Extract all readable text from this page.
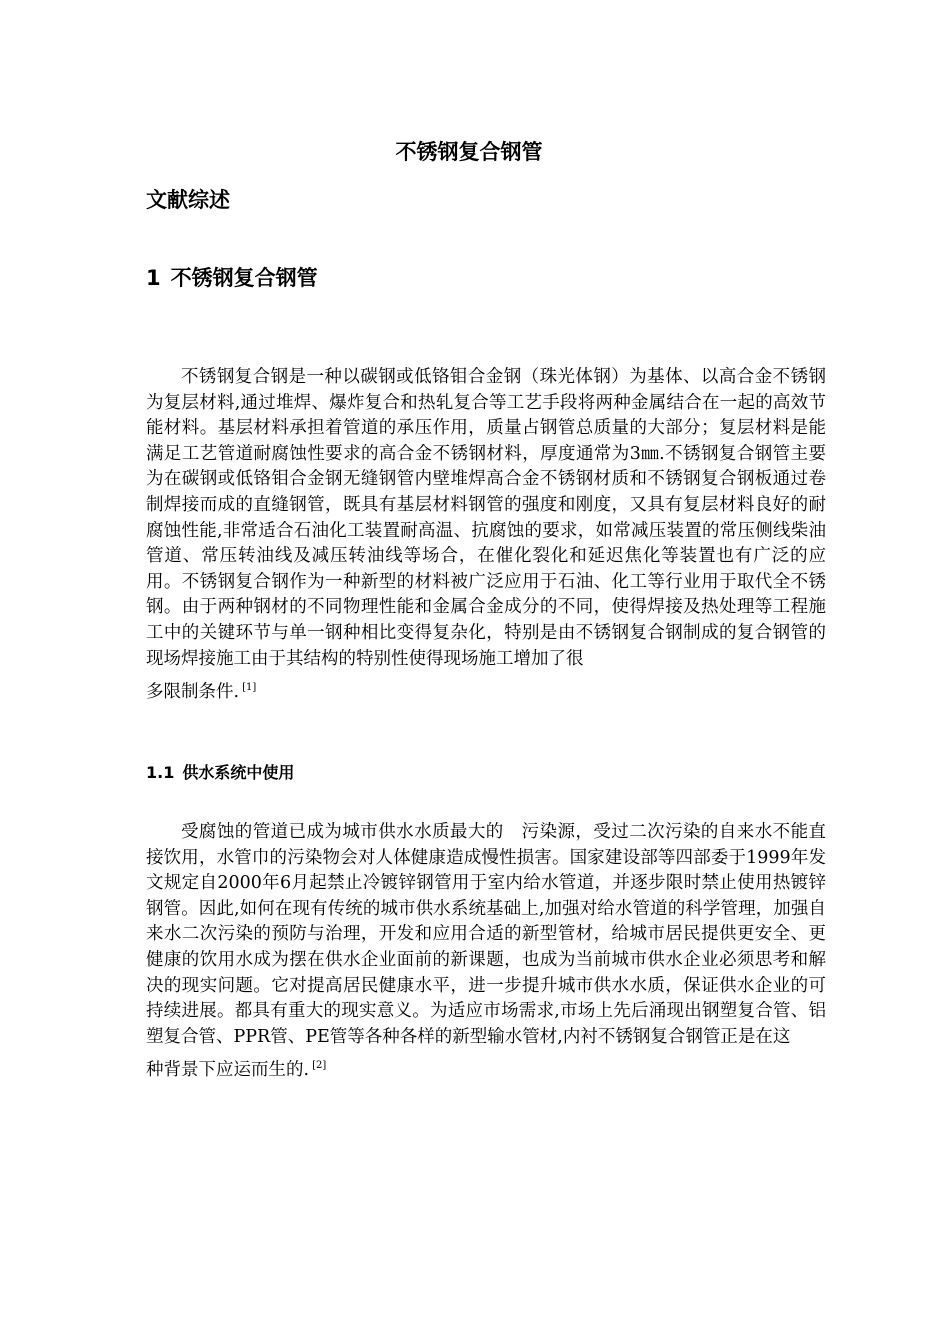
不锈钢复合钢管
文献综述
1 不锈钢复合钢管

不锈钢复合钢是一种以碳钢或低铬钼合金钢（珠光体钢）为基体、以高合金不锈钢为复层材料,通过堆焊、爆炸复合和热轧复合等工艺手段将两种金属结合在一起的高效节能材料。基层材料承担着管道的承压作用，质量占钢管总质量的大部分；复层材料是能满足工艺管道耐腐蚀性要求的高合金不锈钢材料，厚度通常为3㎜.不锈钢复合钢管主要为在碳钢或低铬钼合金钢无缝钢管内壁堆焊高合金不锈钢材质和不锈钢复合钢板通过卷制焊接而成的直缝钢管，既具有基层材料钢管的强度和刚度，又具有复层材料良好的耐腐蚀性能,非常适合石油化工装置耐高温、抗腐蚀的要求，如常减压装置的常压侧线柴油管道、常压转油线及减压转油线等场合，在催化裂化和延迟焦化等装置也有广泛的应用。不锈钢复合钢作为一种新型的材料被广泛应用于石油、化工等行业用于取代全不锈钢。由于两种钢材的不同物理性能和金属合金成分的不同，使得焊接及热处理等工程施工中的关键环节与单一钢种相比变得复杂化，特别是由不锈钢复合钢制成的复合钢管的现场焊接施工由于其结构的特别性使得现场施工增加了很
多限制条件. [1]

1.1 供水系统中使用

受腐蚀的管道已成为城市供水水质最大的　污染源，受过二次污染的自来水不能直接饮用，水管巾的污染物会对人体健康造成慢性损害。国家建设部等四部委于1999年发文规定自2000年6月起禁止冷镀锌钢管用于室内给水管道，并逐步限时禁止使用热镀锌钢管。因此,如何在现有传统的城市供水系统基础上,加强对给水管道的科学管理，加强自来水二次污染的预防与治理，开发和应用合适的新型管材，给城市居民提供更安全、更健康的饮用水成为摆在供水企业面前的新课题，也成为当前城市供水企业必须思考和解决的现实问题。它对提高居民健康水平，进一步提升城市供水水质，保证供水企业的可持续进展。都具有重大的现实意义。为适应市场需求,市场上先后涌现出钢塑复合管、铝塑复合管、PPR管、PE管等各种各样的新型输水管材,内衬不锈钢复合钢管正是在这
种背景下应运而生的. [2]
